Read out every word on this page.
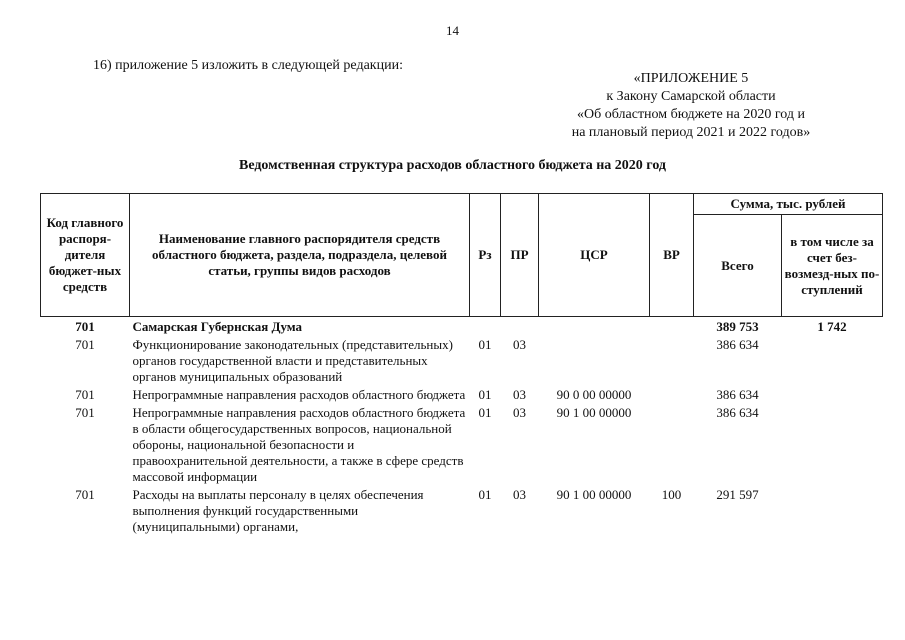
14
16) приложение 5 изложить в следующей редакции:
«ПРИЛОЖЕНИЕ 5
к Закону Самарской области
«Об областном бюджете на 2020 год и
на плановый период 2021 и 2022 годов»
Ведомственная структура расходов областного бюджета на 2020 год
Код главного распоря-дителя бюджет-ных средств	Наименование главного распорядителя средств областного бюджета, раздела, подраздела, целевой статьи, группы видов расходов	Рз	ПР	ЦСР	ВР	Сумма, тыс. рублей	
						Всего	в том числе за счет без-возмезд-ных по-ступлений
701	Самарская Губернская Дума					389 753	1 742
701	Функционирование законодательных (представительных) органов государственной власти и представительных органов муниципальных образований	01	03			386 634	
701	Непрограммные направления расходов областного бюджета	01	03	90 0 00 00000		386 634	
701	Непрограммные направления расходов областного бюджета в области общегосударственных вопросов, национальной обороны, национальной безопасности и правоохранительной деятельности, а также в сфере средств массовой информации	01	03	90 1 00 00000		386 634	
701	Расходы на выплаты персоналу в целях обеспечения выполнения функций государственными (муниципальными) органами,	01	03	90 1 00 00000	100	291 597	
